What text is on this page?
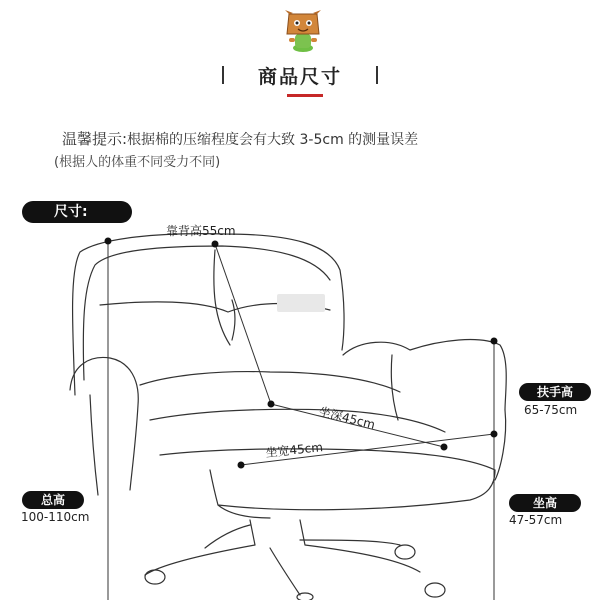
商品尺寸
温馨提示:根据棉的压缩程度会有大致 3-5cm 的测量误差
(根据人的体重不同受力不同)
尺寸:
靠背高55cm
坐深45cm
坐宽45cm
总高
100-110cm
扶手高
65-75cm
坐高
47-57cm
